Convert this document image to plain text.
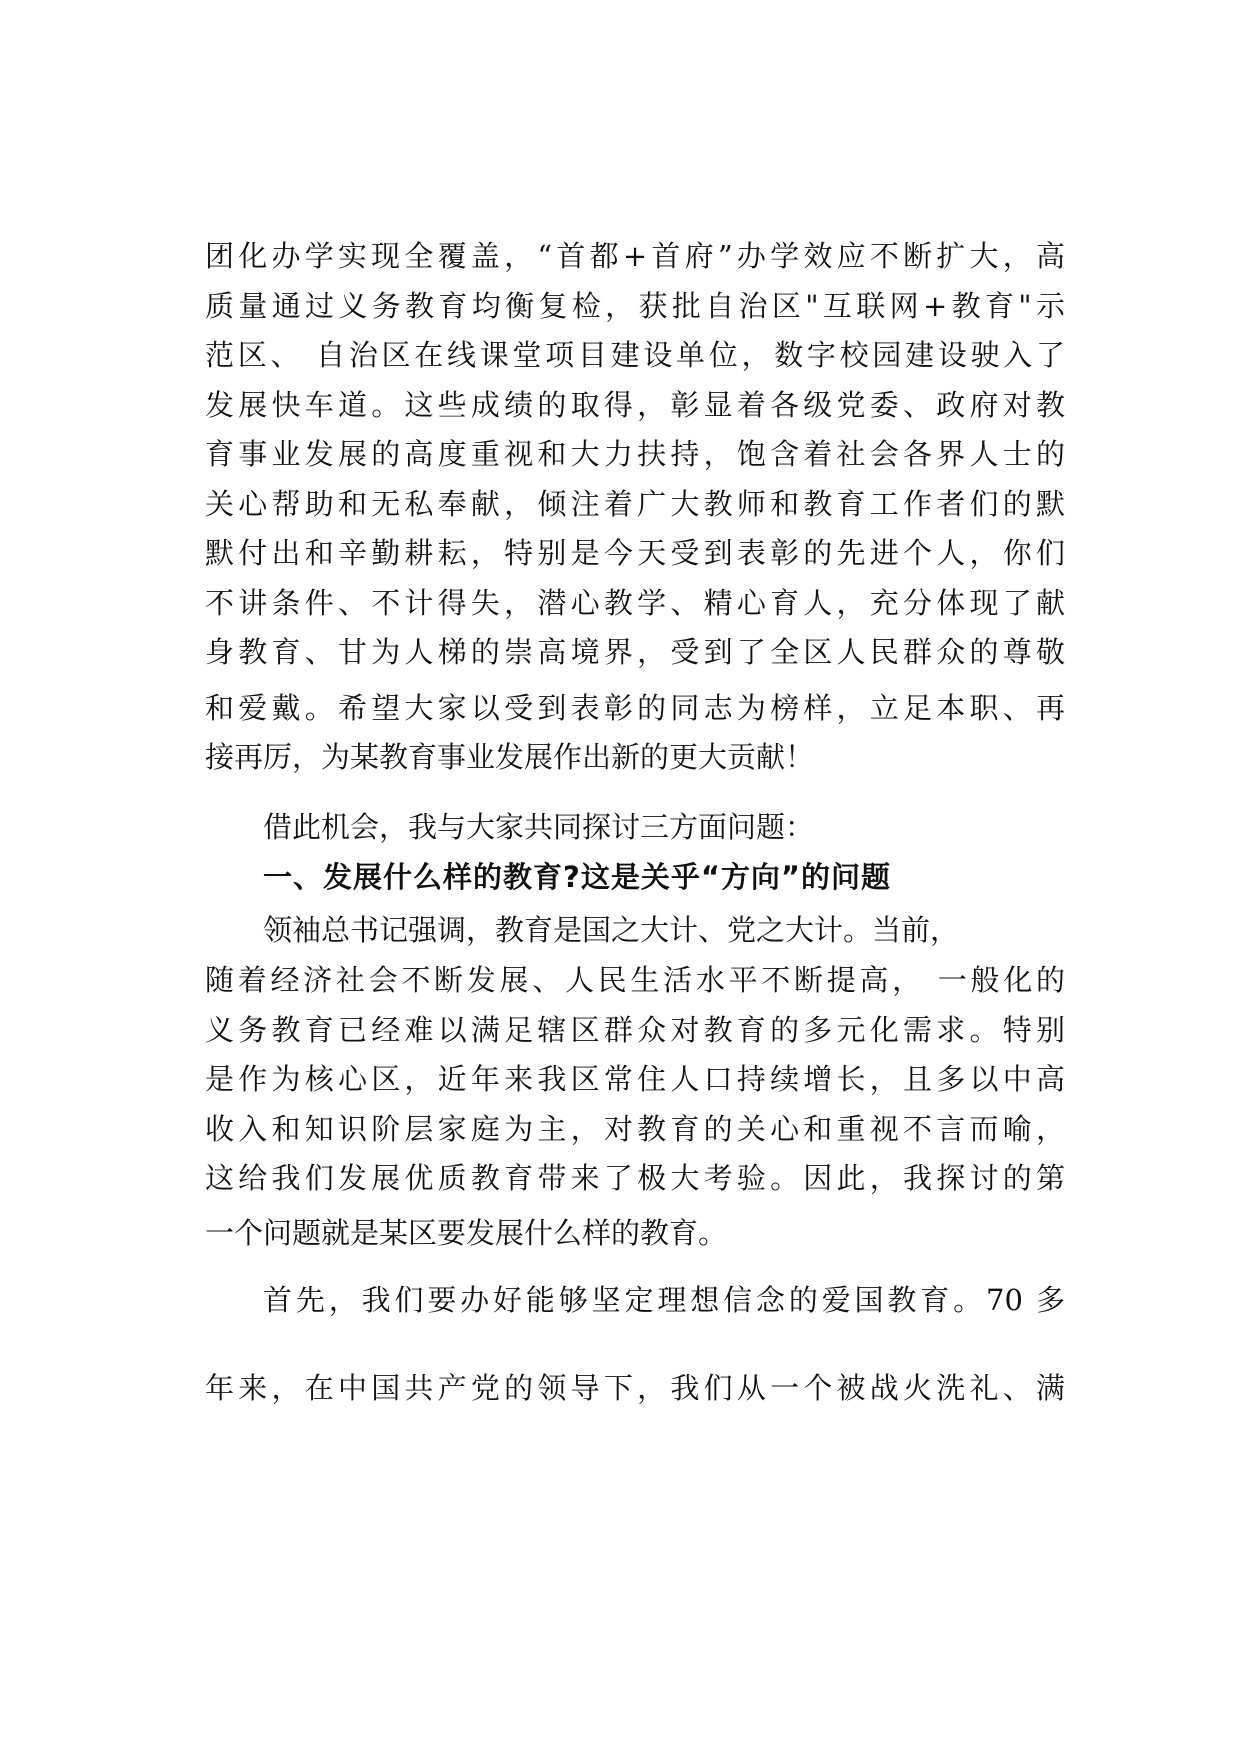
团化办学实现全覆盖，“首都+首府”办学效应不断扩大，高
质量通过义务教育均衡复检，获批自治区"互联网+教育"示
范区、 自治区在线课堂项目建设单位，数字校园建设驶入了
发展快车道。这些成绩的取得，彰显着各级党委、政府对教
育事业发展的高度重视和大力扶持，饱含着社会各界人士的
关心帮助和无私奉献，倾注着广大教师和教育工作者们的默
默付出和辛勤耕耘，特别是今天受到表彰的先进个人，你们
不讲条件、不计得失，潜心教学、精心育人，充分体现了献
身教育、甘为人梯的崇高境界，受到了全区人民群众的尊敬
和爱戴。希望大家以受到表彰的同志为榜样，立足本职、再
接再厉，为某教育事业发展作出新的更大贡献！
借此机会，我与大家共同探讨三方面问题：
一、发展什么样的教育?这是关乎“方向”的问题
领袖总书记强调，教育是国之大计、党之大计。当前，
随着经济社会不断发展、人民生活水平不断提高， 一般化的
义务教育已经难以满足辖区群众对教育的多元化需求。特别
是作为核心区，近年来我区常住人口持续增长，且多以中高
收入和知识阶层家庭为主，对教育的关心和重视不言而喻，
这给我们发展优质教育带来了极大考验。因此，我探讨的第
一个问题就是某区要发展什么样的教育。
首先，我们要办好能够坚定理想信念的爱国教育。70 多
年来，在中国共产党的领导下，我们从一个被战火洗礼、满
